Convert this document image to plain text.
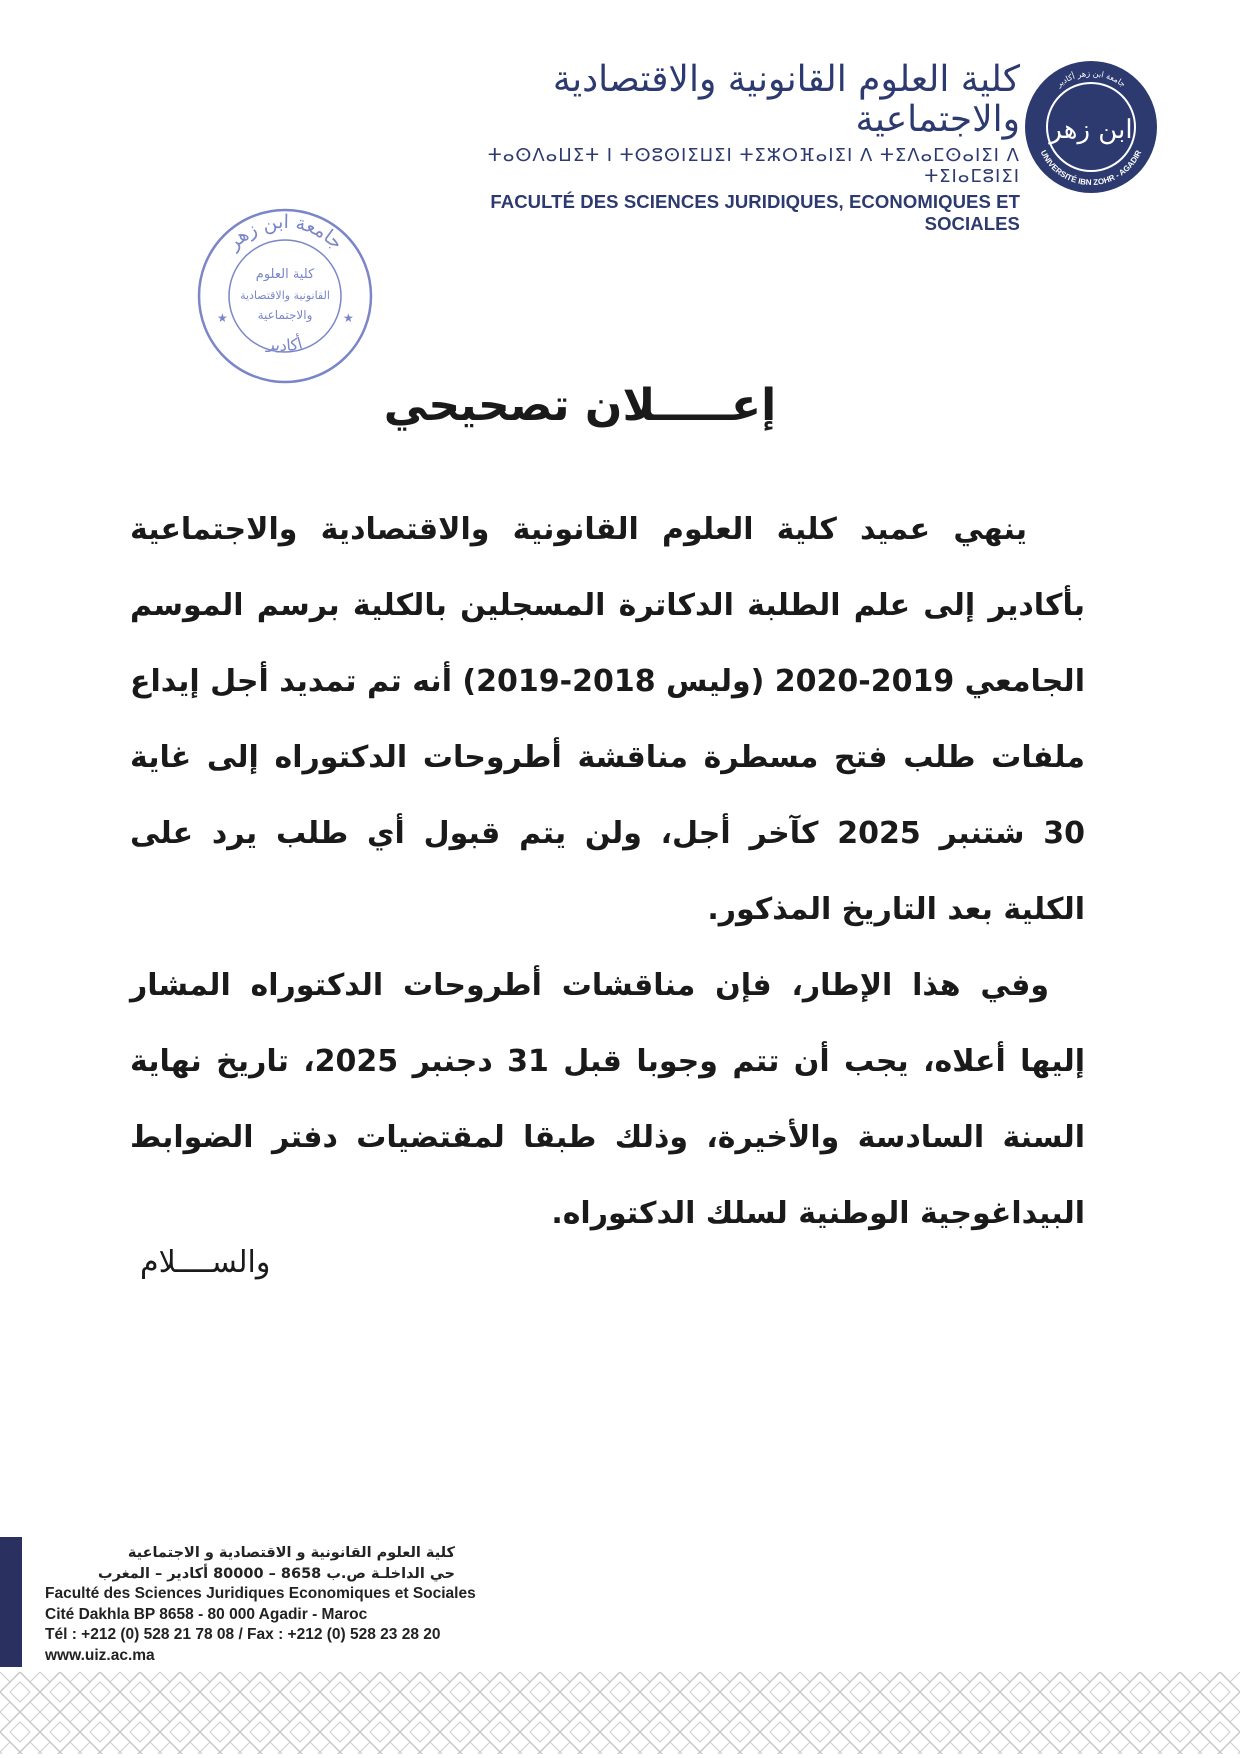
كلية العلوم القانونية والاقتصادية والاجتماعية
ⵜⴰⵙⴷⴰⵡⵉⵜ ⵏ ⵜⵙⵓⵙⵏⵉⵡⵉⵏ ⵜⵉⵣⵔⴼⴰⵏⵉⵏ ⴷ ⵜⵉⴷⴰⵎⵙⴰⵏⵉⵏ ⴷ ⵜⵉⵏⴰⵎⵓⵏⵉⵏ
FACULTÉ DES SCIENCES JURIDIQUES, ECONOMIQUES ET SOCIALES
جامعة ابن زهر أكادير
UNIVERSITÉ IBN ZOHR - AGADIR
ابن زهر
جامعة ابن زهر
أكادير
كلية العلوم
القانونية والاقتصادية
والاجتماعية
★	★
إعـــــلان تصحيحي

ينهي عميد كلية العلوم القانونية والاقتصادية والاجتماعية بأكادير إلى علم الطلبة الدكاترة المسجلين بالكلية برسم الموسم الجامعي 2019-2020 (وليس 2018-2019) أنه تم تمديد أجل إيداع ملفات طلب فتح مسطرة مناقشة أطروحات الدكتوراه إلى غاية 30 شتنبر 2025 كآخر أجل، ولن يتم قبول أي طلب يرد على الكلية بعد التاريخ المذكور.

وفي هذا الإطار، فإن مناقشات أطروحات الدكتوراه المشار إليها أعلاه، يجب أن تتم وجوبا قبل 31 دجنبر 2025، تاريخ نهاية السنة السادسة والأخيرة، وذلك طبقا لمقتضيات دفتر الضوابط البيداغوجية الوطنية لسلك الدكتوراه.

والســــلام
كلية العلوم القانونية و الاقتصادية و الاجتماعية
حي الداخلـة ص.ب 8658 – 80000 أكادير – المغرب
Faculté des Sciences Juridiques Economiques et Sociales
Cité Dakhla BP 8658 - 80 000 Agadir - Maroc
Tél : +212 (0) 528 21 78 08 / Fax : +212 (0) 528 23 28 20
www.uiz.ac.ma
